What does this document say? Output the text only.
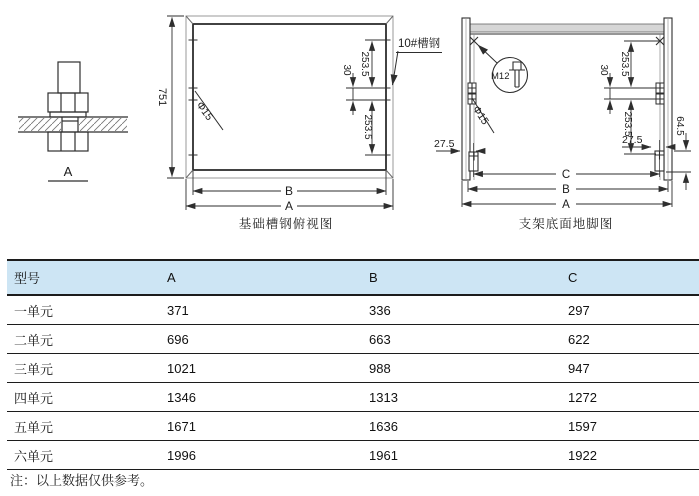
A
751
Φ15
253.5
30
253.5
B
A
M12
Φ15
253.5
30
253.5
27.5	27.5
64.5
C
B
A
10#槽钢
基础槽钢俯视图	支架底面地脚图
型号	A	B	C
一单元	371	336	297
二单元	696	663	622
三单元	1021	988	947
四单元	1346	1313	1272
五单元	1671	1636	1597
六单元	1996	1961	1922
注：以上数据仅供参考。
